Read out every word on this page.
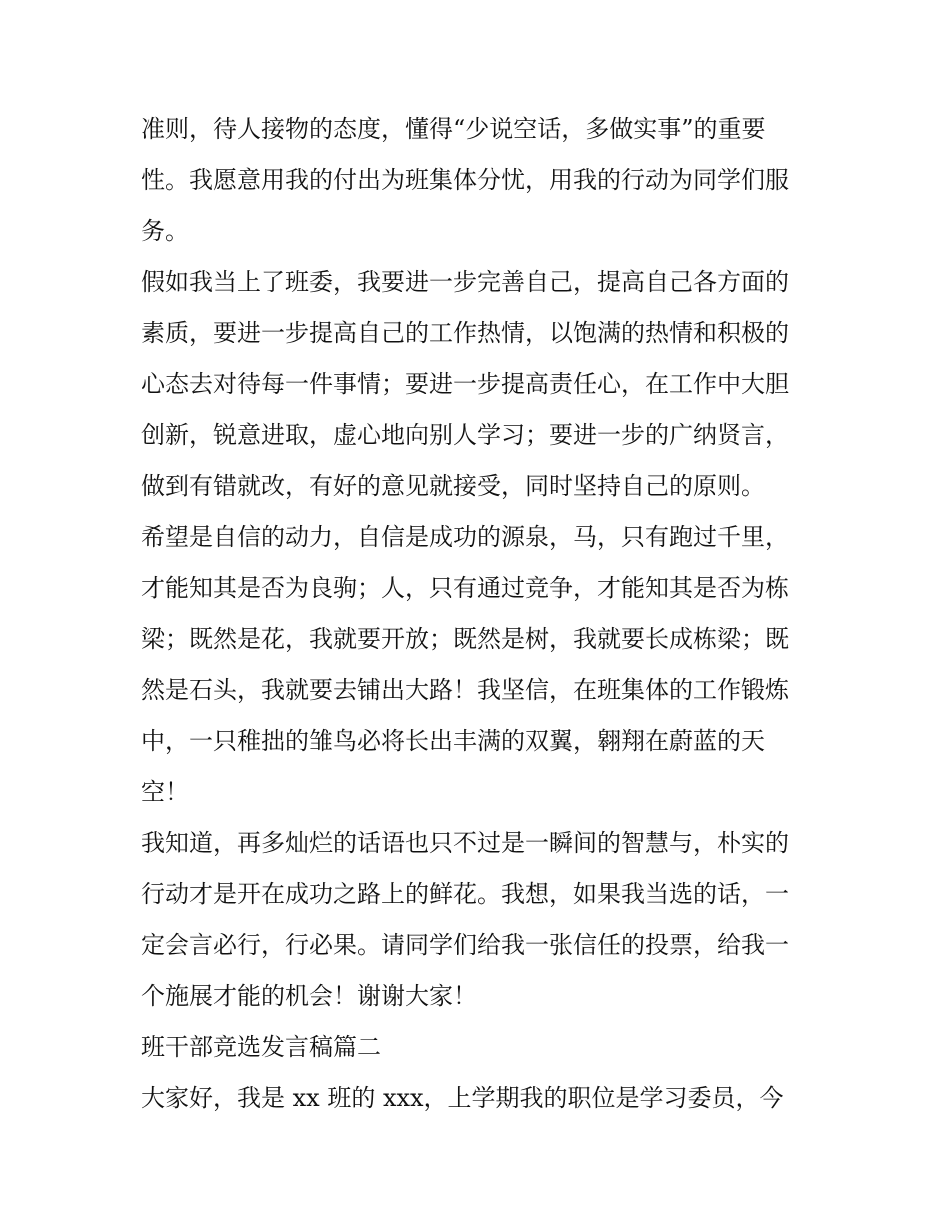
准则，待人接物的态度，懂得“少说空话，多做实事”的重要
性。我愿意用我的付出为班集体分忧，用我的行动为同学们服
务。
假如我当上了班委，我要进一步完善自己，提高自己各方面的
素质，要进一步提高自己的工作热情，以饱满的热情和积极的
心态去对待每一件事情；要进一步提高责任心，在工作中大胆
创新，锐意进取，虚心地向别人学习；要进一步的广纳贤言，
做到有错就改，有好的意见就接受，同时坚持自己的原则。
希望是自信的动力，自信是成功的源泉，马，只有跑过千里，
才能知其是否为良驹；人，只有通过竞争，才能知其是否为栋
梁；既然是花，我就要开放；既然是树，我就要长成栋梁；既
然是石头，我就要去铺出大路！我坚信，在班集体的工作锻炼
中，一只稚拙的雏鸟必将长出丰满的双翼，翱翔在蔚蓝的天
空！
我知道，再多灿烂的话语也只不过是一瞬间的智慧与，朴实的
行动才是开在成功之路上的鲜花。我想，如果我当选的话，一
定会言必行，行必果。请同学们给我一张信任的投票，给我一
个施展才能的机会！谢谢大家！
班干部竞选发言稿篇二
大家好，我是 xx 班的 xxx，上学期我的职位是学习委员，今
